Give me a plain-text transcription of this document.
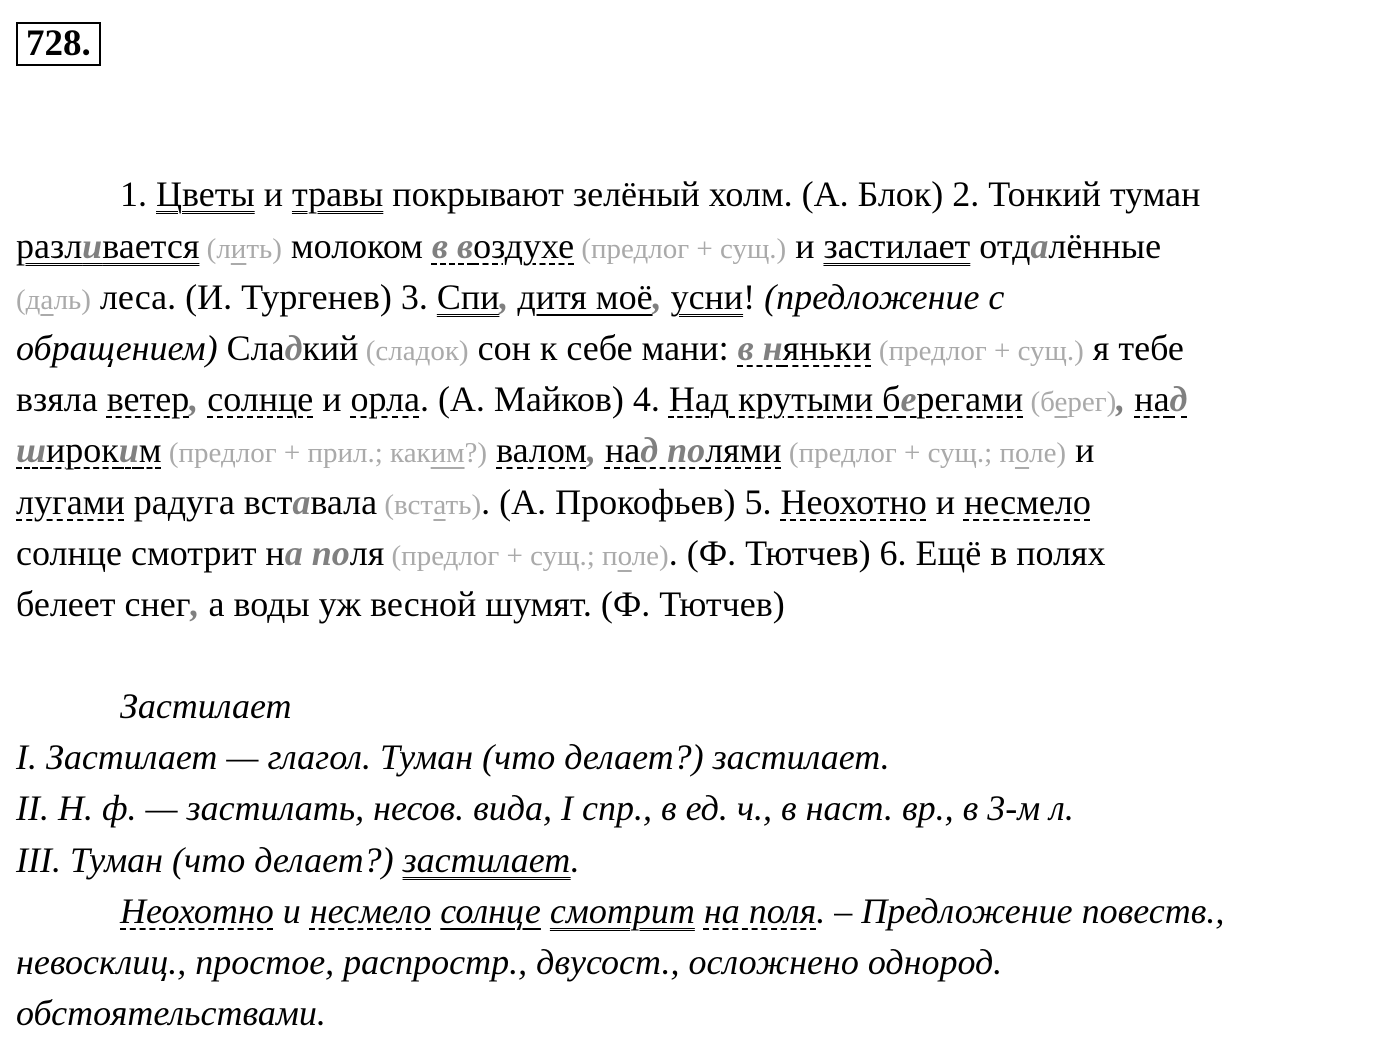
728.
1. Цветы и травы покрывают зелёный холм. (А. Блок) 2. Тонкий туман
разливается (лить) молоком в воздухе (предлог + сущ.) и застилает отдалённые
(даль) леса. (И. Тургенев) 3. Спи, дитя моё, усни! (предложение с
обращением) Сладкий (сладок) сон к себе мани: в няньки (предлог + сущ.) я тебе
взяла ветер, солнце и орла. (А. Майков) 4. Над крутыми берегами (берег), над
широким (предлог + прил.; каким?) валом, над полями (предлог + сущ.; поле) и
лугами радуга вставала (встать). (А. Прокофьев) 5. Неохотно и несмело
солнце смотрит на поля (предлог + сущ.; поле). (Ф. Тютчев) 6. Ещё в полях
белеет снег, а воды уж весной шумят. (Ф. Тютчев)
Застилает
I. Застилает — глагол. Туман (что делает?) застилает.
II. Н. ф. — застилать, несов. вида, I спр., в ед. ч., в наст. вр., в 3-м л.
III. Туман (что делает?) застилает.
Неохотно и несмело солнце смотрит на поля. – Предложение повеств.,
невосклиц., простое, распростр., двусост., осложнено однород.
обстоятельствами.
